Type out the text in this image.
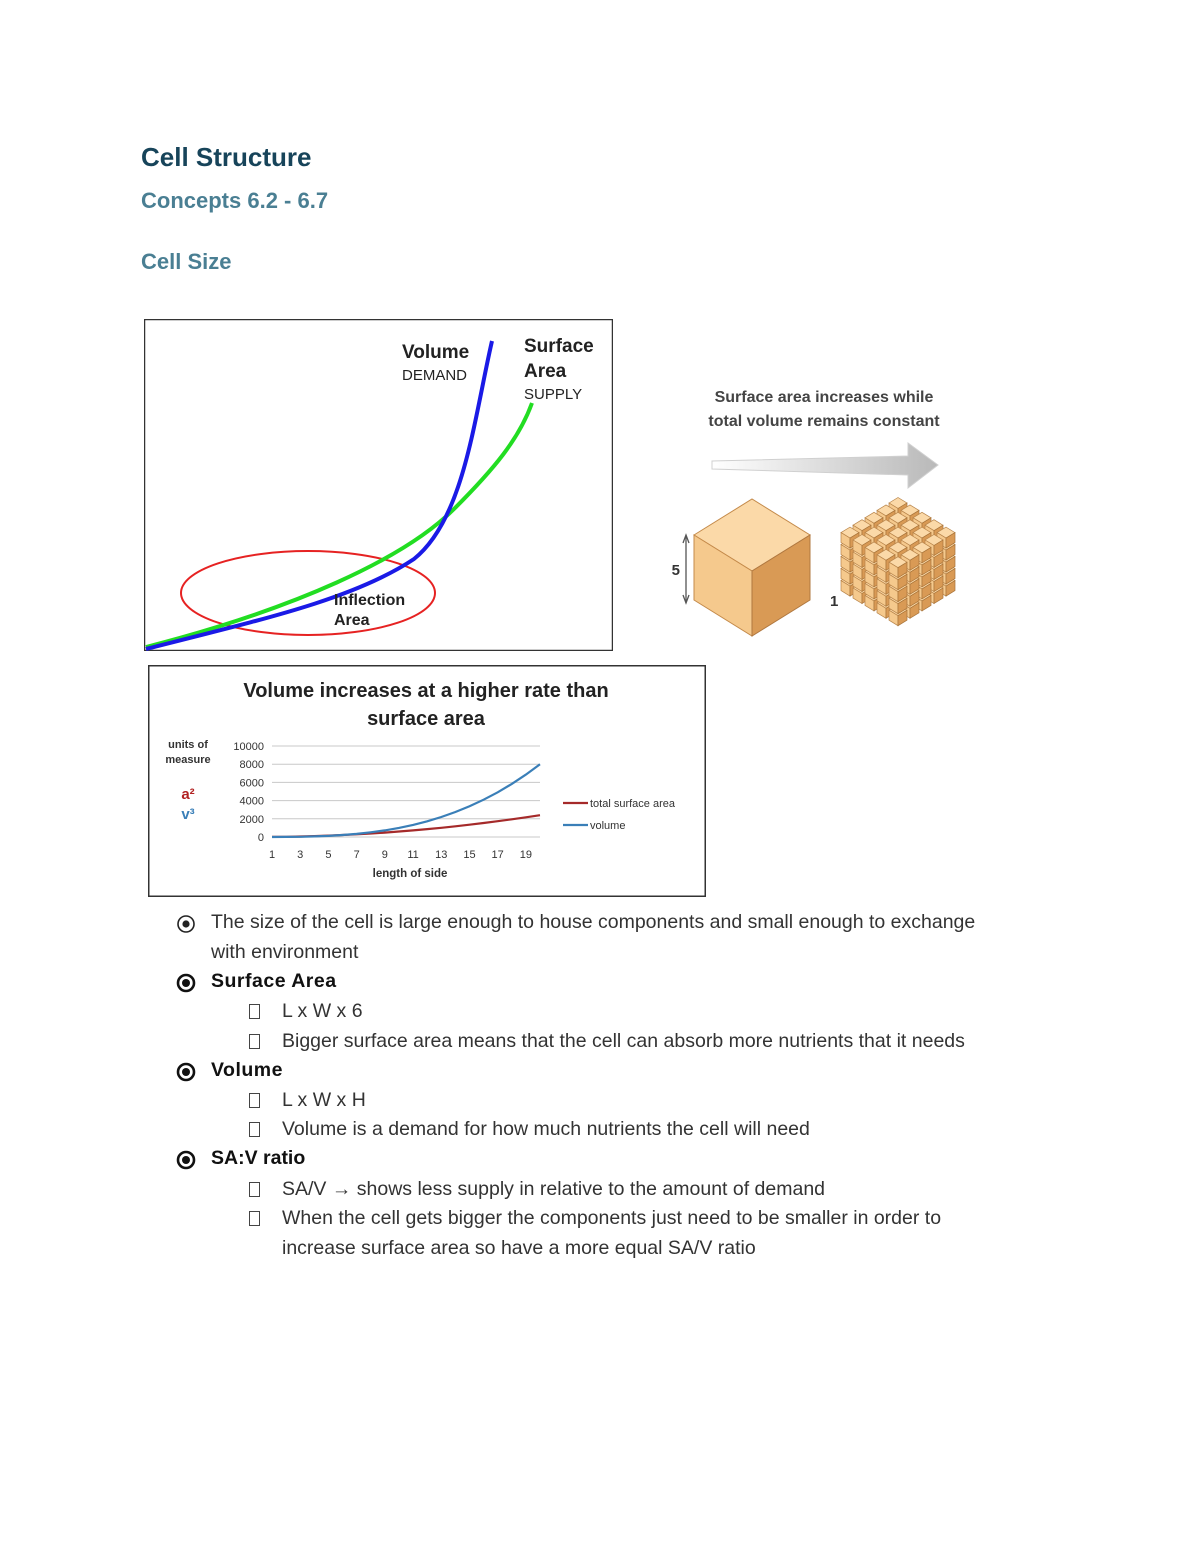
Cell Structure
Concepts 6.2 - 6.7
Cell Size
Volume
DEMAND
Surface
Area
SUPPLY
Inflection
Area
Surface area increases while
total volume remains constant
5
1
Volume increases at a higher rate than
surface area
units of
measure
a²
v³
length of side
10000
8000
6000
4000
2000
0
1 3 5 7 9 11 13 15 17 19
total surface area
volume
The size of the cell is large enough to house components and small enough to exchange
with environment
Surface Area
L x W x 6
Bigger surface area means that the cell can absorb more nutrients that it needs
Volume
L x W x H
Volume is a demand for how much nutrients the cell will need
SA:V ratio
SA/V → shows less supply in relative to the amount of demand
When the cell gets bigger the components just need to be smaller in order to
increase surface area so have a more equal SA/V ratio
